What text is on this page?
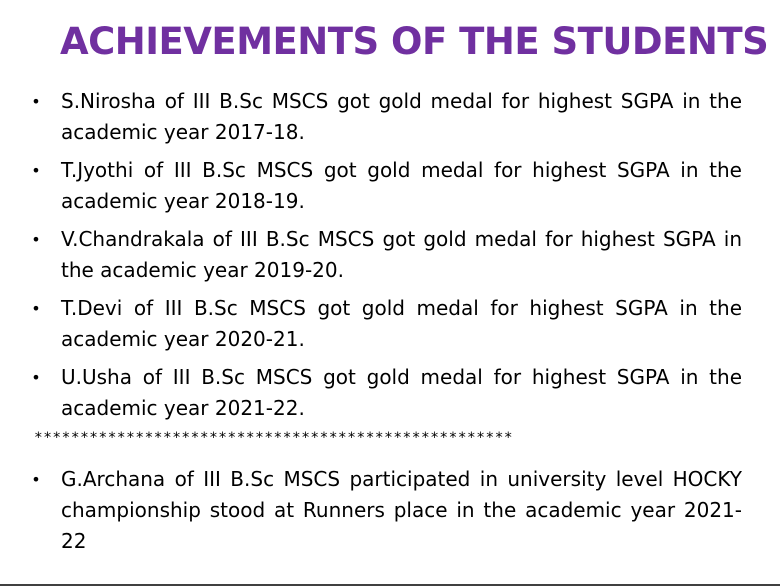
ACHIEVEMENTS OF THE STUDENTS
• S.Nirosha of III B.Sc MSCS got gold medal for highest SGPA in the academic year 2017-18.
• T.Jyothi of III B.Sc MSCS got gold medal for highest SGPA in the academic year 2018-19.
• V.Chandrakala of III B.Sc MSCS got gold medal for highest SGPA in the academic year 2019-20.
• T.Devi of III B.Sc MSCS got gold medal for highest SGPA in the academic year 2020-21.
• U.Usha of III B.Sc MSCS got gold medal for highest SGPA in the academic year 2021-22.
****************************************************
• G.Archana of III B.Sc MSCS participated in university level HOCKY championship stood at Runners place in the academic year 2021-22
